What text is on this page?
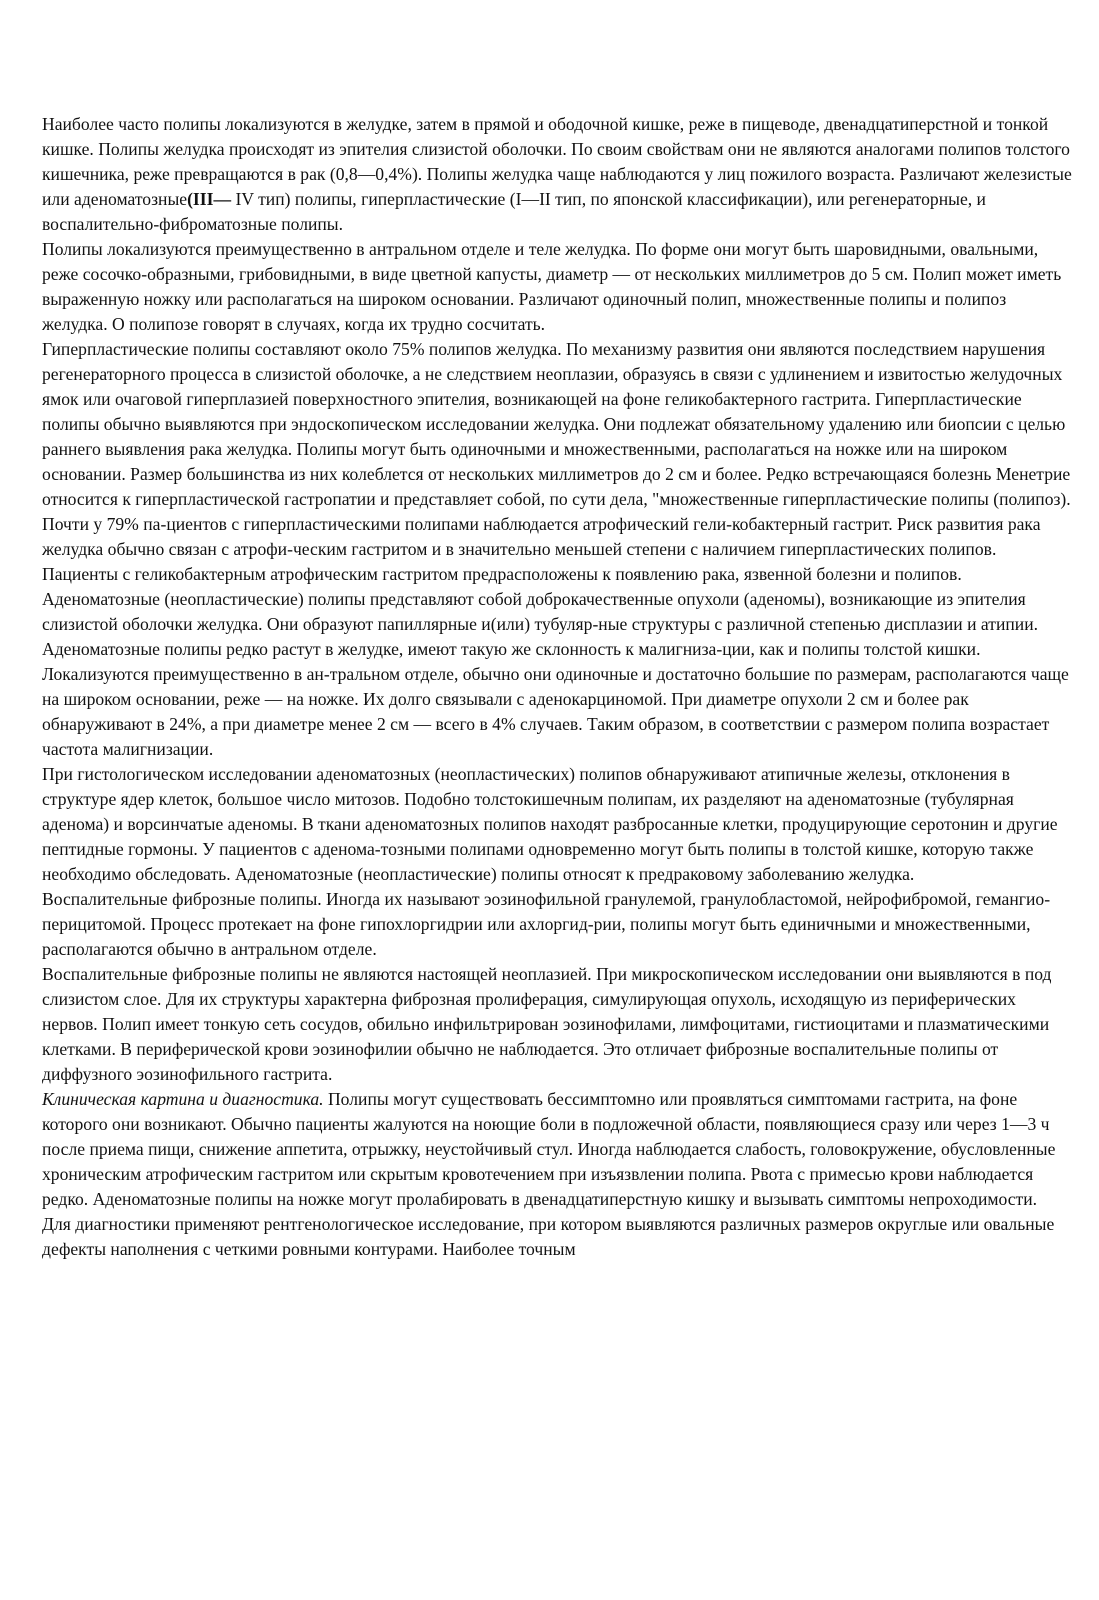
Наиболее часто полипы локализуются в желудке, затем в прямой и ободочной кишке, реже в пищеводе, двенадцатиперстной и тонкой кишке. Полипы желудка происходят из эпителия слизистой оболочки. По своим свойствам они не являются аналогами полипов толстого кишечника, реже превращаются в рак (0,8—0,4%). Полипы желудка чаще наблюдаются у лиц пожилого возраста. Различают железистые или аденоматозные(III— IV тип) полипы, гиперпластические (I—II тип, по японской классификации), или регенераторные, и воспалительно-фиброматозные полипы.

Полипы локализуются преимущественно в антральном отделе и теле желудка. По форме они могут быть шаровидными, овальными, реже сосочко-образными, грибовидными, в виде цветной капусты, диаметр — от нескольких миллиметров до 5 см. Полип может иметь выраженную ножку или располагаться на широком основании. Различают одиночный полип, множественные полипы и полипоз желудка. О полипозе говорят в случаях, когда их трудно сосчитать.

Гиперпластические полипы составляют около 75% полипов желудка. По механизму развития они являются последствием нарушения регенераторного процесса в слизистой оболочке, а не следствием неоплазии, образуясь в связи с удлинением и извитостью желудочных ямок или очаговой гиперплазией поверхностного эпителия, возникающей на фоне геликобактерного гастрита. Гиперпластические полипы обычно выявляются при эндоскопическом исследовании желудка. Они подлежат обязательному удалению или биопсии с целью раннего выявления рака желудка. Полипы могут быть одиночными и множественными, располагаться на ножке или на широком основании. Размер большинства из них колеблется от нескольких миллиметров до 2 см и более. Редко встречающаяся болезнь Менетрие относится к гиперпластической гастропатии и представляет собой, по сути дела, "множественные гиперпластические полипы (полипоз). Почти у 79% па-циентов с гиперпластическими полипами наблюдается атрофический гели-кобактерный гастрит. Риск развития рака желудка обычно связан с атрофи-ческим гастритом и в значительно меньшей степени с наличием гиперпластических полипов. Пациенты с геликобактерным атрофическим гастритом предрасположены к появлению рака, язвенной болезни и полипов.

Аденоматозные (неопластические) полипы представляют собой доброкачественные опухоли (аденомы), возникающие из эпителия слизистой оболочки желудка. Они образуют папиллярные и(или) тубуляр-ные структуры с различной степенью дисплазии и атипии. Аденоматозные полипы редко растут в желудке, имеют такую же склонность к малигниза-ции, как и полипы толстой кишки. Локализуются преимущественно в ан-тральном отделе, обычно они одиночные и достаточно большие по размерам, располагаются чаще на широком основании, реже — на ножке. Их долго связывали с аденокарциномой. При диаметре опухоли 2 см и более рак обнаруживают в 24%, а при диаметре менее 2 см — всего в 4% случаев. Таким образом, в соответствии с размером полипа возрастает частота малигнизации.

При гистологическом исследовании аденоматозных (неопластических) полипов обнаруживают атипичные железы, отклонения в структуре ядер клеток, большое число митозов. Подобно толстокишечным полипам, их разделяют на аденоматозные (тубулярная аденома) и ворсинчатые аденомы. В ткани аденоматозных полипов находят разбросанные клетки, продуцирующие серотонин и другие пептидные гормоны. У пациентов с аденома-тозными полипами одновременно могут быть полипы в толстой кишке, которую также необходимо обследовать. Аденоматозные (неопластические) полипы относят к предраковому заболеванию желудка.

Воспалительные фиброзные полипы. Иногда их называют эозинофильной гранулемой, гранулобластомой, нейрофибромой, гемангио-перицитомой. Процесс протекает на фоне гипохлоргидрии или ахлоргид-рии, полипы могут быть единичными и множественными, располагаются обычно в антральном отделе.

Воспалительные фиброзные полипы не являются настоящей неоплазией. При микроскопическом исследовании они выявляются в под слизистом слое. Для их структуры характерна фиброзная пролиферация, симулирующая опухоль, исходящую из периферических нервов. Полип имеет тонкую сеть сосудов, обильно инфильтрирован эозинофилами, лимфоцитами, гистиоцитами и плазматическими клетками. В периферической крови эозинофилии обычно не наблюдается. Это отличает фиброзные воспалительные полипы от диффузного эозинофильного гастрита.

Клиническая картина и диагностика. Полипы могут существовать бессимптомно или проявляться симптомами гастрита, на фоне которого они возникают. Обычно пациенты жалуются на ноющие боли в подложечной области, появляющиеся сразу или через 1—3 ч после приема пищи, снижение аппетита, отрыжку, неустойчивый стул. Иногда наблюдается слабость, головокружение, обусловленные хроническим атрофическим гастритом или скрытым кровотечением при изъязвлении полипа. Рвота с примесью крови наблюдается редко. Аденоматозные полипы на ножке могут пролабировать в двенадцатиперстную кишку и вызывать симптомы непроходимости.

Для диагностики применяют рентгенологическое исследование, при котором выявляются различных размеров округлые или овальные дефекты наполнения с четкими ровными контурами. Наиболее точным
